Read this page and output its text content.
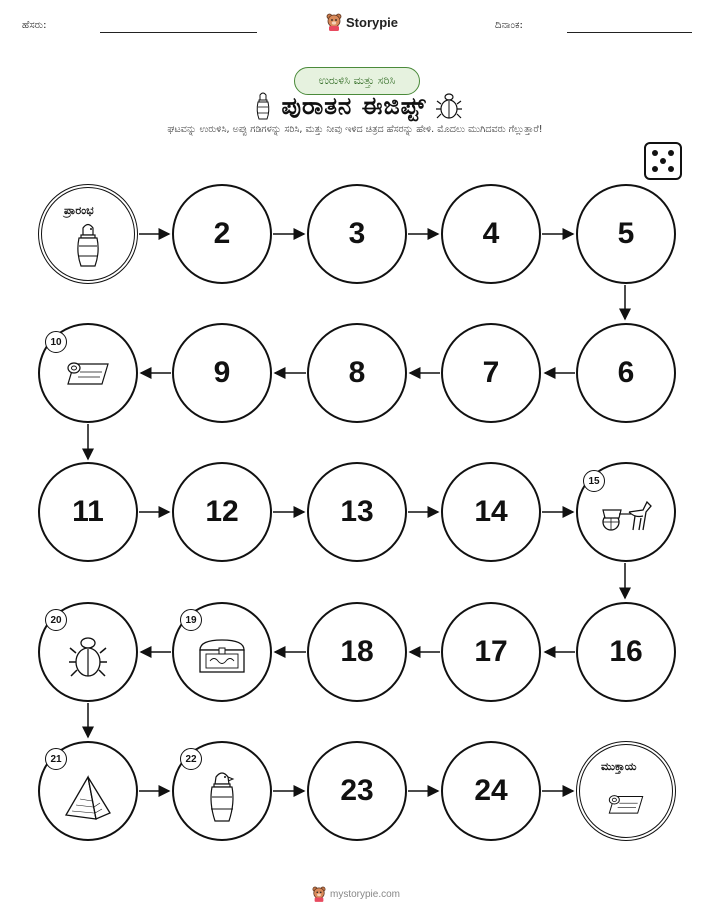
ಹೆಸರು:	Storypie	ದಿನಾಂಕ:
ಉರುಳಿಸಿ ಮತ್ತು ಸರಿಸಿ
ಪುರಾತನ ಈಜಿಪ್ಟ್
ಘಟವನ್ನು ಉರುಳಿಸಿ, ಅಪ್ಪು ಗಡಿಗಳನ್ನು ಸರಿಸಿ, ಮತ್ತು ನೀವು ಇಳಿದ ಚಿತ್ರದ ಹೆಸರನ್ನು ಹೇಳಿ. ಮೊದಲು ಮುಗಿದವರು ಗೆಲ್ಲುತ್ತಾರೆ!
ಪ್ರಾರಂಭ
2	3	4	5
10
9	8	7	6
11	12	13	14
15
20	19
18	17	16
21	22
23	24
ಮುಕ್ತಾಯ
mystorypie.com
